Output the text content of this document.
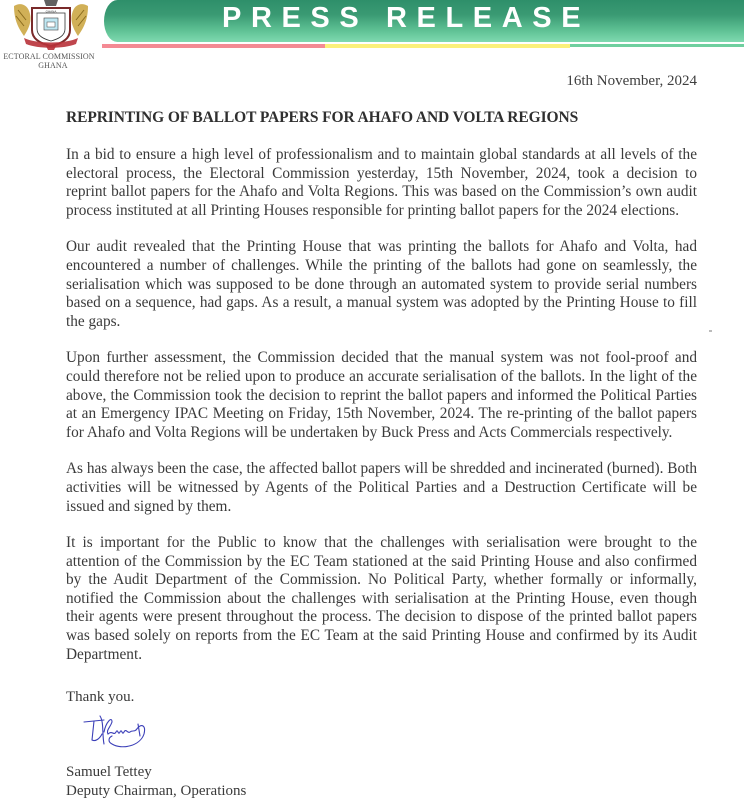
GHANA
ECTORAL COMMISSION
GHANA
PRESS RELEASE
16th November, 2024
REPRINTING OF BALLOT PAPERS FOR AHAFO AND VOLTA REGIONS

In a bid to ensure a high level of professionalism and to maintain global standards at all levels of the electoral process, the Electoral Commission yesterday, 15th November, 2024, took a decision to reprint ballot papers for the Ahafo and Volta Regions. This was based on the Commission’s own audit process instituted at all Printing Houses responsible for printing ballot papers for the 2024 elections.

Our audit revealed that the Printing House that was printing the ballots for Ahafo and Volta, had encountered a number of challenges. While the printing of the ballots had gone on seamlessly, the serialisation which was supposed to be done through an automated system to provide serial numbers based on a sequence, had gaps. As a result, a manual system was adopted by the Printing House to fill the gaps.

Upon further assessment, the Commission decided that the manual system was not fool-proof and could therefore not be relied upon to produce an accurate serialisation of the ballots. In the light of the above, the Commission took the decision to reprint the ballot papers and informed the Political Parties at an Emergency IPAC Meeting on Friday, 15th November, 2024. The re-printing of the ballot papers for Ahafo and Volta Regions will be undertaken by Buck Press and Acts Commercials respectively.

As has always been the case, the affected ballot papers will be shredded and incinerated (burned). Both activities will be witnessed by Agents of the Political Parties and a Destruction Certificate will be issued and signed by them.

It is important for the Public to know that the challenges with serialisation were brought to the attention of the Commission by the EC Team stationed at the said Printing House and also confirmed by the Audit Department of the Commission. No Political Party, whether formally or informally, notified the Commission about the challenges with serialisation at the Printing House, even though their agents were present throughout the process. The decision to dispose of the printed ballot papers was based solely on reports from the EC Team at the said Printing House and confirmed by its Audit Department.

Thank you.
Samuel Tettey
Deputy Chairman, Operations
